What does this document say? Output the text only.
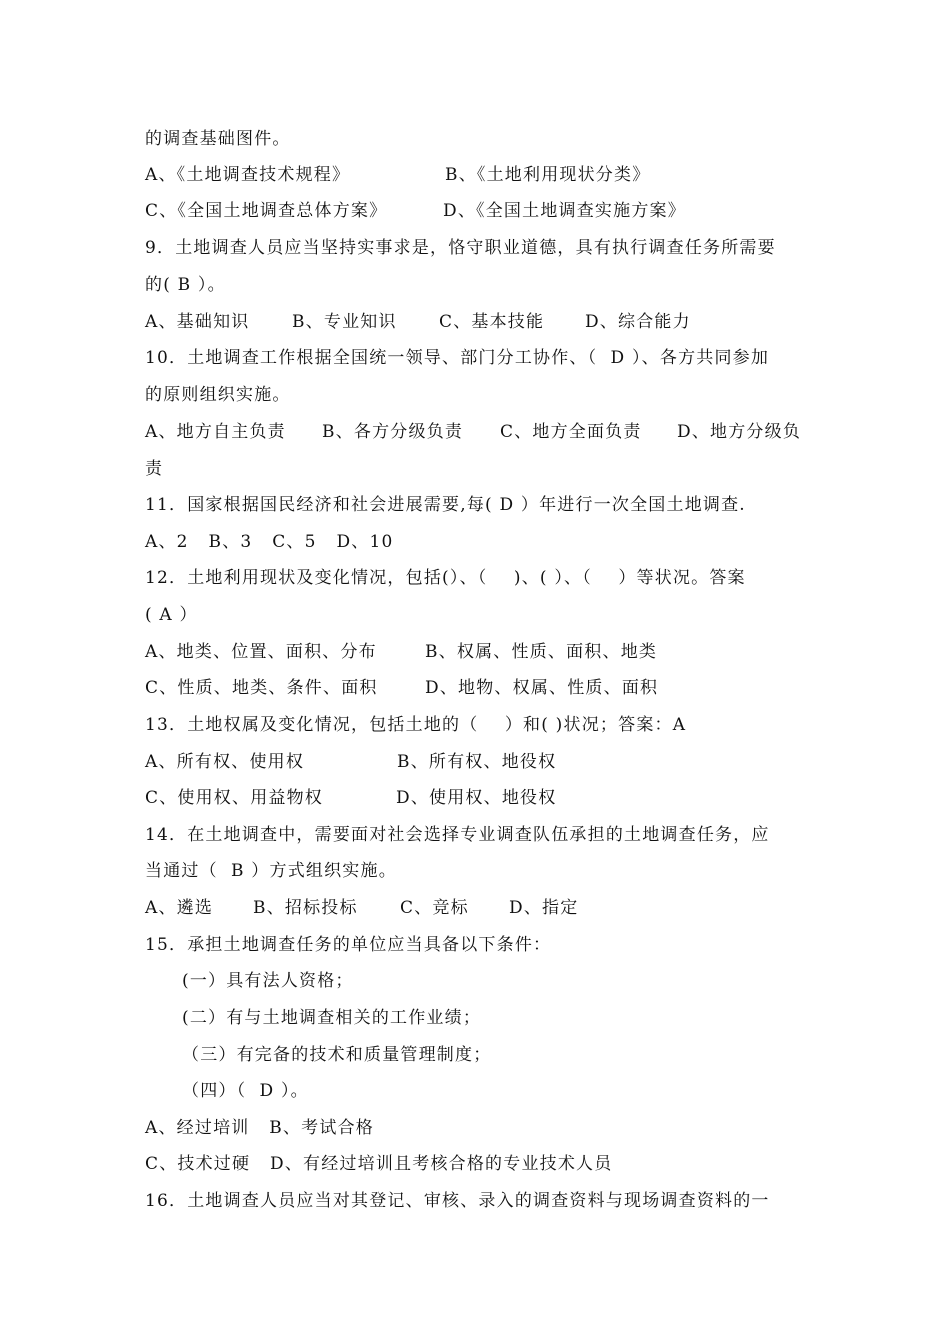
的调查基础图件。

A、《土地调查技术规程》

	B、《土地利用现状分类》

C、《全国土地调查总体方案》

	D、《全国土地调查实施方案》

9．土地调查人员应当坚持实事求是，恪守职业道德，具有执行调查任务所需要

的( B ）。

A、基础知识

	B、专业知识

C、基本技能

D、综合能力

10．土地调查工作根据全国统一领导、部门分工协作、（  D ）、各方共同参加

的原则组织实施。

A、地方自主负责

B、各方分级负责

C、地方全面负责

D、地方分级负

责

11．国家根据国民经济和社会进展需要,每( D ）年进行一次全国土地调查.

A、2   B、3   C、5   D、10

12．土地利用现状及变化情况，包括(）、（    )、( ）、（    ）等状况。答案

( A ）

A、地类、位置、面积、分布

	B、权属、性质、面积、地类

C、性质、地类、条件、面积

	D、地物、权属、性质、面积

13．土地权属及变化情况，包括土地的（    ）和( )状况；答案：A

A、所有权、使用权

	B、所有权、地役权

C、使用权、用益物权

	D、使用权、地役权

14．在土地调查中，需要面对社会选择专业调查队伍承担的土地调查任务，应

当通过（  B ）方式组织实施。

A、遴选

B、招标投标

C、竞标

D、指定

15．承担土地调查任务的单位应当具备以下条件：

(一）具有法人资格；

(二）有与土地调查相关的工作业绩；

（三）有完备的技术和质量管理制度；

（四）（  D ）。

A、经过培训   B、考试合格

C、技术过硬   D、有经过培训且考核合格的专业技术人员

16．土地调查人员应当对其登记、审核、录入的调查资料与现场调查资料的一
